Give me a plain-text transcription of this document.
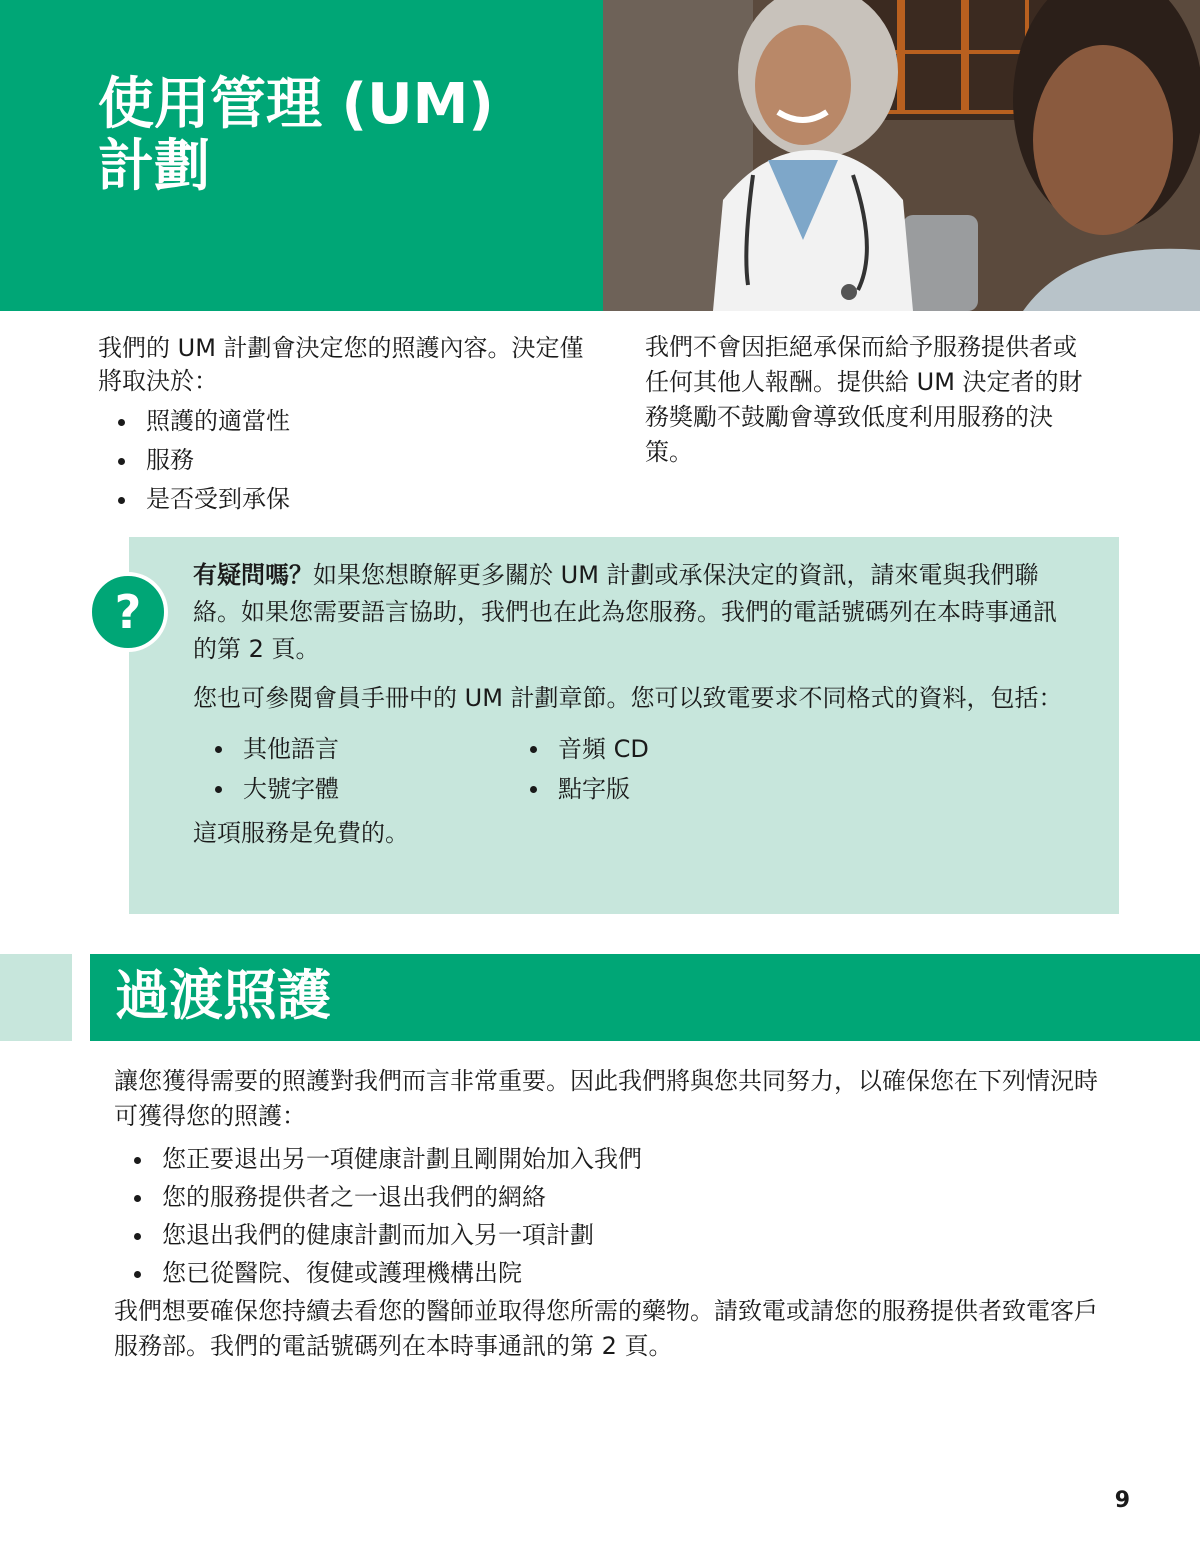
使用管理 (UM)
計劃

我們的 UM 計劃會決定您的照護內容。決定僅將取決於：

照護的適當性
服務
是否受到承保

我們不會因拒絕承保而給予服務提供者或任何其他人報酬。提供給 UM 決定者的財務獎勵不鼓勵會導致低度利用服務的決策。

?

有疑問嗎？如果您想瞭解更多關於 UM 計劃或承保決定的資訊，請來電與我們聯絡。如果您需要語言協助，我們也在此為您服務。我們的電話號碼列在本時事通訊的第 2 頁。

您也可參閱會員手冊中的 UM 計劃章節。您可以致電要求不同格式的資料，包括：

其他語言
大號字體
音頻 CD
點字版

這項服務是免費的。

過渡照護

讓您獲得需要的照護對我們而言非常重要。因此我們將與您共同努力，以確保您在下列情況時可獲得您的照護：

您正要退出另一項健康計劃且剛開始加入我們
您的服務提供者之一退出我們的網絡
您退出我們的健康計劃而加入另一項計劃
您已從醫院、復健或護理機構出院

我們想要確保您持續去看您的醫師並取得您所需的藥物。請致電或請您的服務提供者致電客戶服務部。我們的電話號碼列在本時事通訊的第 2 頁。

9
